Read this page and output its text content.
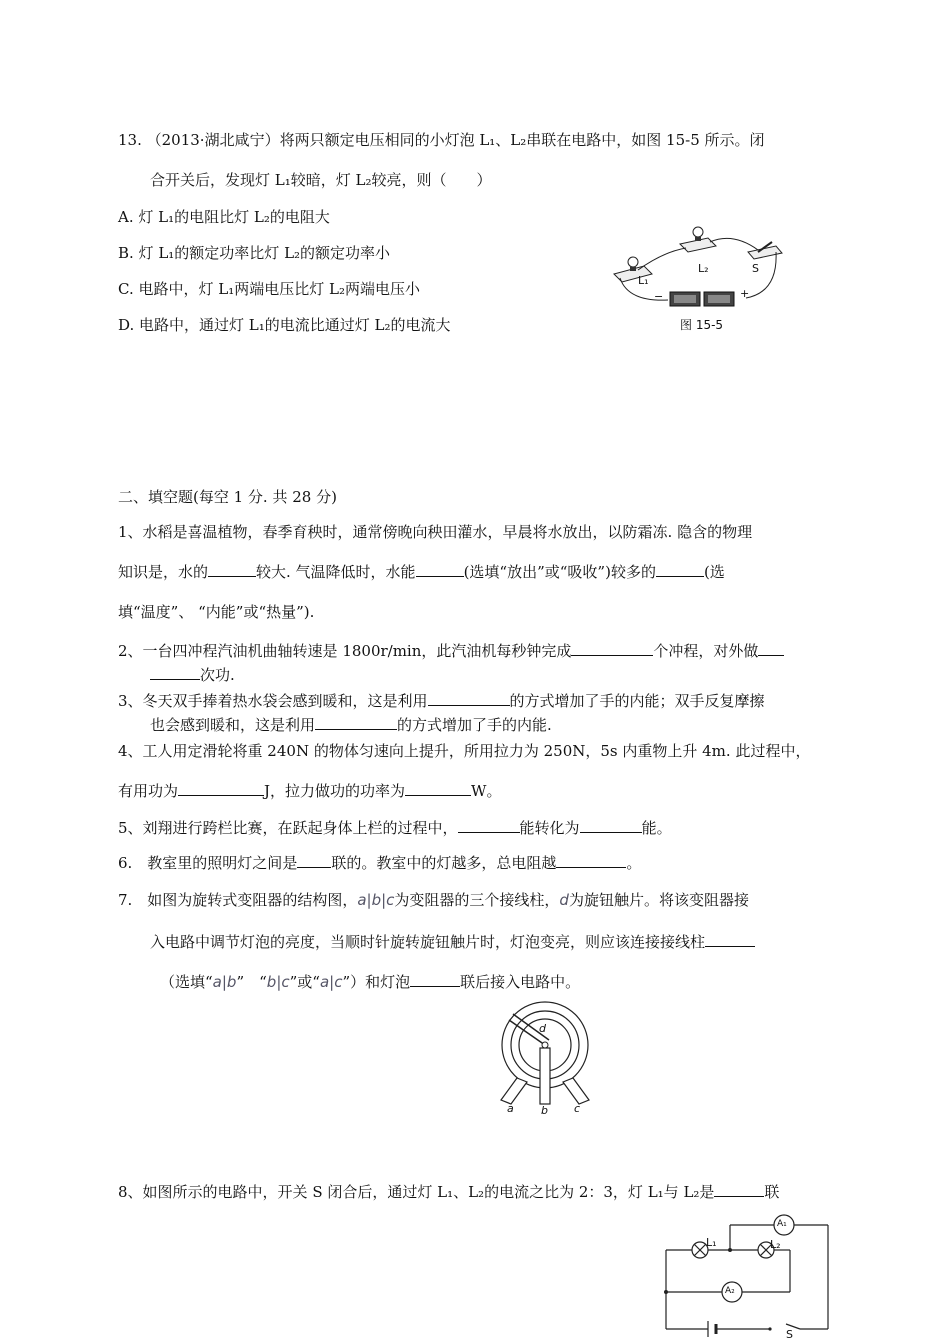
13. （2013·湖北咸宁）将两只额定电压相同的小灯泡 L₁、L₂串联在电路中，如图 15-5 所示。闭
合开关后，发现灯 L₁较暗，灯 L₂较亮，则（　　）
A. 灯 L₁的电阻比灯 L₂的电阻大
B. 灯 L₁的额定功率比灯 L₂的额定功率小
C. 电路中，灯 L₁两端电压比灯 L₂两端电压小
D. 电路中，通过灯 L₁的电流比通过灯 L₂的电流大
L₁
L₂	S
−	+
图 15-5
二、填空题(每空 1 分. 共 28 分)
1、水稻是喜温植物，春季育秧时，通常傍晚向秧田灌水，早晨将水放出，以防霜冻. 隐含的物理
知识是，水的	较大. 气温降低时，水能	(选填“放出”或“吸收”)较多的	(选
填“温度”、 “内能”或“热量”).
2、一台四冲程汽油机曲轴转速是 1800r/min，此汽油机每秒钟完成	个冲程，对外做
次功.
3、冬天双手捧着热水袋会感到暖和，这是利用	的方式增加了手的内能；双手反复摩擦
也会感到暖和，这是利用	的方式增加了手的内能.
4、工人用定滑轮将重 240N 的物体匀速向上提升，所用拉力为 250N，5s 内重物上升 4m. 此过程中，
有用功为	J，拉力做功的功率为	W。
5、刘翔进行跨栏比赛，在跃起身体上栏的过程中，	能转化为	能。
6.　教室里的照明灯之间是 联的。教室中的灯越多，总电阻越	。
7.　如图为旋转式变阻器的结构图，a|b|c为变阻器的三个接线柱，d为旋钮触片。将该变阻器接
入电路中调节灯泡的亮度，当顺时针旋转旋钮触片时，灯泡变亮，则应该连接接线柱
（选填“a|b”　“b|c”或“a|c”）和灯泡	联后接入电路中。
d
a b c
8、如图所示的电路中，开关 S 闭合后，通过灯 L₁、L₂的电流之比为 2：3，灯 L₁与 L₂是	联
A₁
A₂
L₁	L₂
S
